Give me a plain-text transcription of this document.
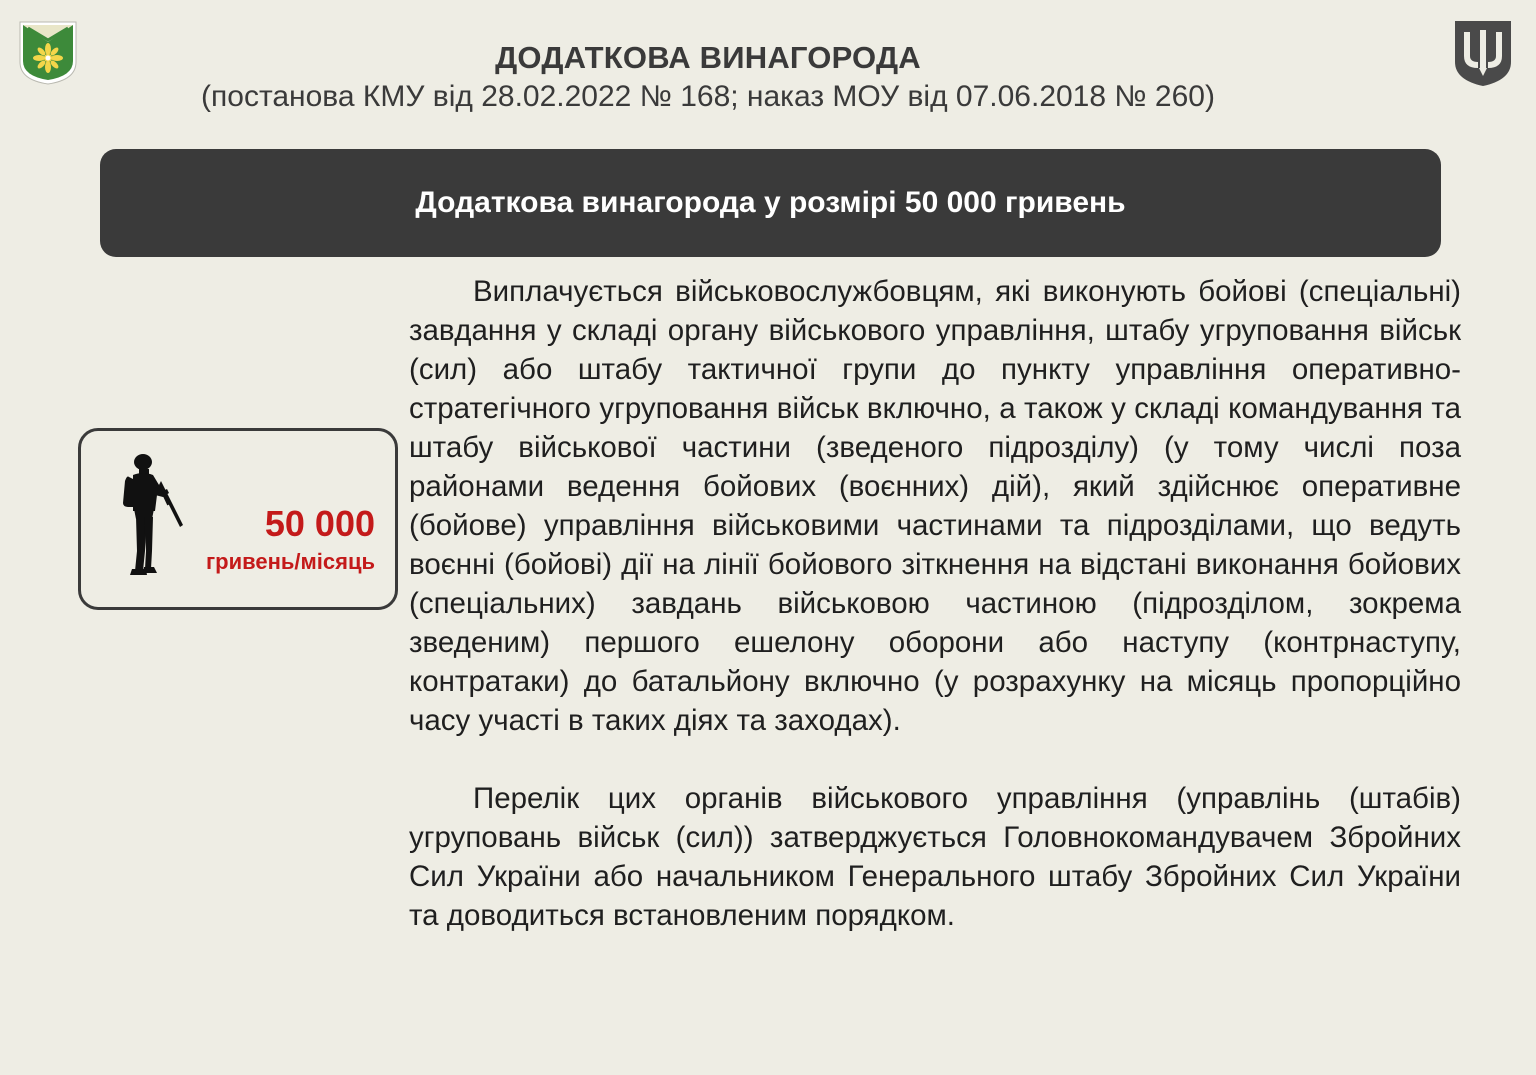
ДОДАТКОВА ВИНАГОРОДА
(постанова КМУ від 28.02.2022 № 168; наказ МОУ від 07.06.2018 № 260)
Додаткова винагорода у розмірі 50 000 гривень
50 000
гривень/місяць

Виплачується військовослужбовцям, які виконують бойові (спеціальні) завдання у складі органу військового управління, штабу угруповання військ (сил) або штабу тактичної групи до пункту управління оперативно-стратегічного угруповання військ включно, а також у складі командування та штабу військової частини (зведеного підрозділу) (у тому числі поза районами ведення бойових (воєнних) дій), який здійснює оперативне (бойове) управління військовими частинами та підрозділами, що ведуть воєнні (бойові) дії на лінії бойового зіткнення на відстані виконання бойових (спеціальних) завдань військовою частиною (підрозділом, зокрема зведеним) першого ешелону оборони або наступу (контрнаступу, контратаки) до батальйону включно (у розрахунку на місяць пропорційно часу участі в таких діях та заходах).

Перелік цих органів військового управління (управлінь (штабів) угруповань військ (сил)) затверджується Головнокомандувачем Збройних Сил України або начальником Генерального штабу Збройних Сил України та доводиться встановленим порядком.
